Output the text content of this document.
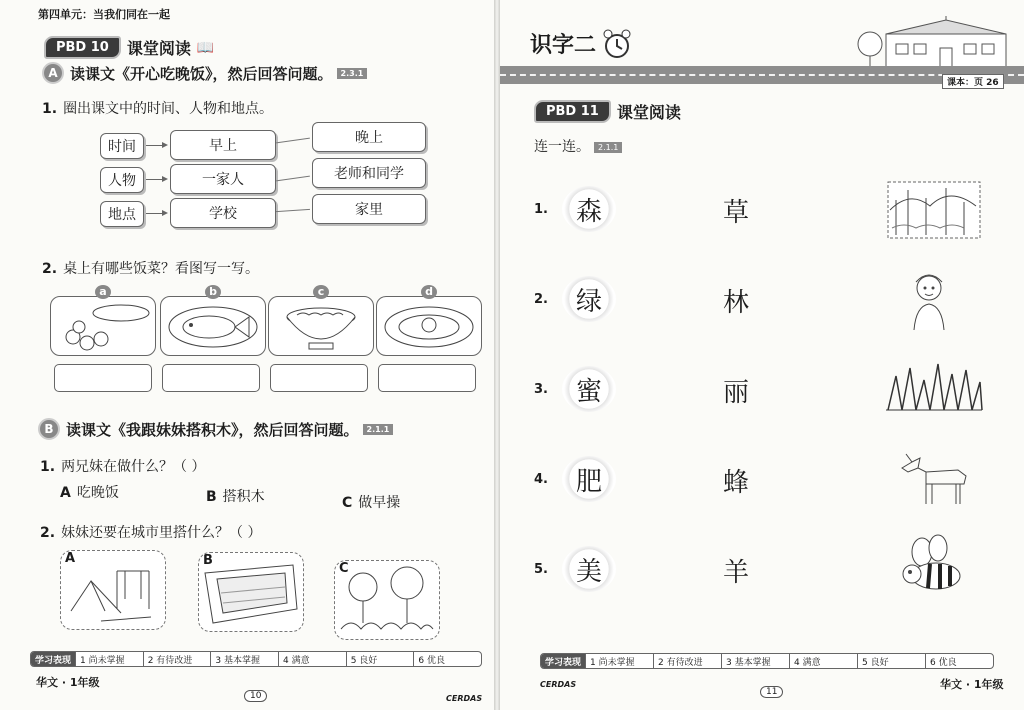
第四单元：当我们同在一起
PBD 10	课堂阅读 📖
A 读课文《开心吃晚饭》，然后回答问题。	2.3.1
1. 圈出课文中的时间、人物和地点。
时间
人物
地点
早上
一家人
学校
晚上
老师和同学
家里
2. 桌上有哪些饭菜？看图写一写。
a	b	c	d
B 读课文《我跟妹妹搭积木》，然后回答问题。	2.1.1
1. 两兄妹在做什么？（ ）
A 吃晚饭	B 搭积木	C 做早操
2. 妹妹还要在城市里搭什么？（ ）
A	B
C
学习表现	1 尚未掌握	2 有待改进	3 基本掌握	4 满意	5 良好	6 优良
华文 · 1年级
10	CERDAS
识字二
课本：页 26
PBD 11	课堂阅读
连一连。 2.1.1
1.	森	草
2.	绿	林
3.	蜜	丽
4.	肥	蜂
5.	美	羊
学习表现	1 尚未掌握	2 有待改进	3 基本掌握	4 满意	5 良好	6 优良
CERDAS
11
华文 · 1年级
